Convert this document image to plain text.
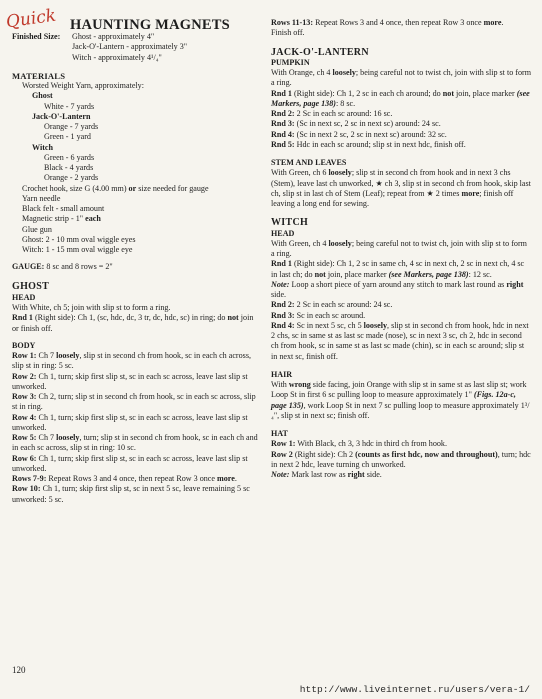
Quick HAUNTING MAGNETS
Finished Size:	Ghost - approximately 4"

Jack-O'-Lantern - approximately 3"

Witch - approximately 4¹/₄"

MATERIALS

Worsted Weight Yarn, approximately:

Ghost

White - 7 yards

Jack-O'-Lantern

Orange - 7 yards

Green - 1 yard

Witch

Green - 6 yards

Black - 4 yards

Orange - 2 yards

Crochet hook, size G (4.00 mm) or size needed for gauge

Yarn needle

Black felt - small amount

Magnetic strip - 1" each

Glue gun

Ghost: 2 - 10 mm oval wiggle eyes

Witch: 1 - 15 mm oval wiggle eye

GAUGE: 8 sc and 8 rows = 2"

GHOST
HEAD

With White, ch 5; join with slip st to form a ring.

Rnd 1 (Right side): Ch 1, (sc, hdc, dc, 3 tr, dc, hdc, sc) in ring; do not join or finish off.

BODY

Row 1: Ch 7 loosely, slip st in second ch from hook, sc in each ch across, slip st in ring: 5 sc.

Row 2: Ch 1, turn; skip first slip st, sc in each sc across, leave last slip st unworked.

Row 3: Ch 2, turn; slip st in second ch from hook, sc in each sc across, slip st in ring.

Row 4: Ch 1, turn; skip first slip st, sc in each sc across, leave last slip st unworked.

Row 5: Ch 7 loosely, turn; slip st in second ch from hook, sc in each ch and in each sc across, slip st in ring: 10 sc.

Row 6: Ch 1, turn; skip first slip st, sc in each sc across, leave last slip st unworked.

Rows 7-9: Repeat Rows 3 and 4 once, then repeat Row 3 once more.

Row 10: Ch 1, turn; skip first slip st, sc in next 5 sc, leave remaining 5 sc unworked: 5 sc.

Rows 11-13: Repeat Rows 3 and 4 once, then repeat Row 3 once more.

Finish off.

JACK-O'-LANTERN
PUMPKIN

With Orange, ch 4 loosely; being careful not to twist ch, join with slip st to form a ring.

Rnd 1 (Right side): Ch 1, 2 sc in each ch around; do not join, place marker (see Markers, page 138): 8 sc.

Rnd 2: 2 Sc in each sc around: 16 sc.

Rnd 3: (Sc in next sc, 2 sc in next sc) around: 24 sc.

Rnd 4: (Sc in next 2 sc, 2 sc in next sc) around: 32 sc.

Rnd 5: Hdc in each sc around; slip st in next hdc, finish off.

STEM AND LEAVES

With Green, ch 6 loosely; slip st in second ch from hook and in next 3 chs (Stem), leave last ch unworked, ★ ch 3, slip st in second ch from hook, skip last ch, slip st in last ch of Stem (Leaf); repeat from ★ 2 times more; finish off leaving a long end for sewing.

WITCH
HEAD

With Green, ch 4 loosely; being careful not to twist ch, join with slip st to form a ring.

Rnd 1 (Right side): Ch 1, 2 sc in same ch, 4 sc in next ch, 2 sc in next ch, 4 sc in last ch; do not join, place marker (see Markers, page 138): 12 sc.

Note: Loop a short piece of yarn around any stitch to mark last round as right side.

Rnd 2: 2 Sc in each sc around: 24 sc.

Rnd 3: Sc in each sc around.

Rnd 4: Sc in next 5 sc, ch 5 loosely, slip st in second ch from hook, hdc in next 2 chs, sc in same st as last sc made (nose), sc in next 3 sc, ch 2, hdc in second ch from hook, sc in same st as last sc made (chin), sc in each sc around; slip st in next sc, finish off.

HAIR

With wrong side facing, join Orange with slip st in same st as last slip st; work Loop St in first 6 sc pulling loop to measure approximately 1" (Figs. 12a-c, page 135), work Loop St in next 7 sc pulling loop to measure approximately 1³/₄", slip st in next sc; finish off.

HAT

Row 1: With Black, ch 3, 3 hdc in third ch from hook.

Row 2 (Right side): Ch 2 (counts as first hdc, now and throughout), turn; hdc in next 2 hdc, leave turning ch unworked.

Note: Mark last row as right side.

120
http://www.liveinternet.ru/users/vera-1/
